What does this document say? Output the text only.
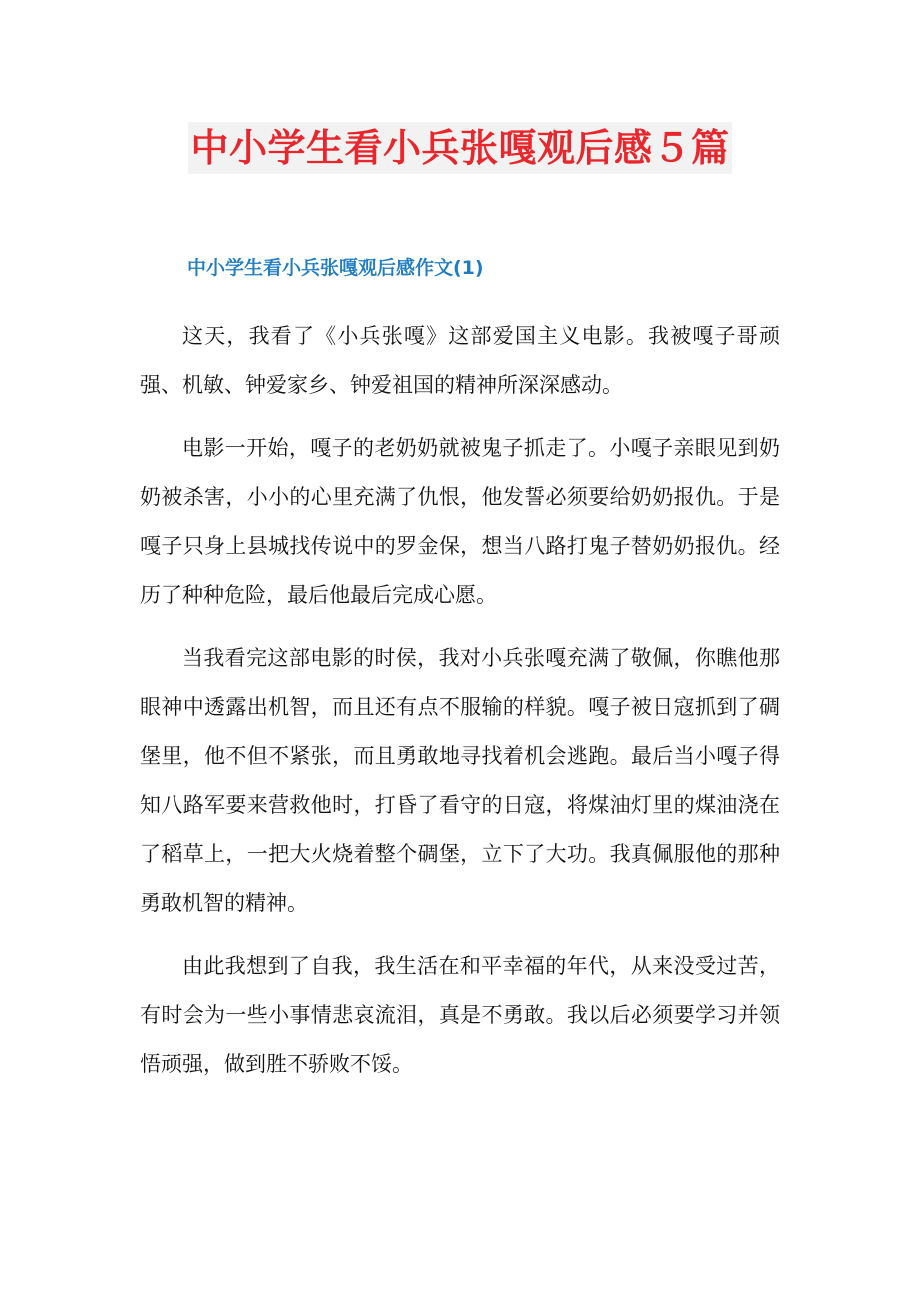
中小学生看小兵张嘎观后感５篇
中小学生看小兵张嘎观后感作文(1)

这天，我看了《小兵张嘎》这部爱国主义电影。我被嘎子哥顽强、机敏、钟爱家乡、钟爱祖国的精神所深深感动。

电影一开始，嘎子的老奶奶就被鬼子抓走了。小嘎子亲眼见到奶奶被杀害，小小的心里充满了仇恨，他发誓必须要给奶奶报仇。于是嘎子只身上县城找传说中的罗金保，想当八路打鬼子替奶奶报仇。经历了种种危险，最后他最后完成心愿。

当我看完这部电影的时侯，我对小兵张嘎充满了敬佩，你瞧他那眼神中透露出机智，而且还有点不服输的样貌。嘎子被日寇抓到了碉堡里，他不但不紧张，而且勇敢地寻找着机会逃跑。最后当小嘎子得知八路军要来营救他时，打昏了看守的日寇，将煤油灯里的煤油浇在了稻草上，一把大火烧着整个碉堡，立下了大功。我真佩服他的那种勇敢机智的精神。

由此我想到了自我，我生活在和平幸福的年代，从来没受过苦，有时会为一些小事情悲哀流泪，真是不勇敢。我以后必须要学习并领悟顽强，做到胜不骄败不馁。
